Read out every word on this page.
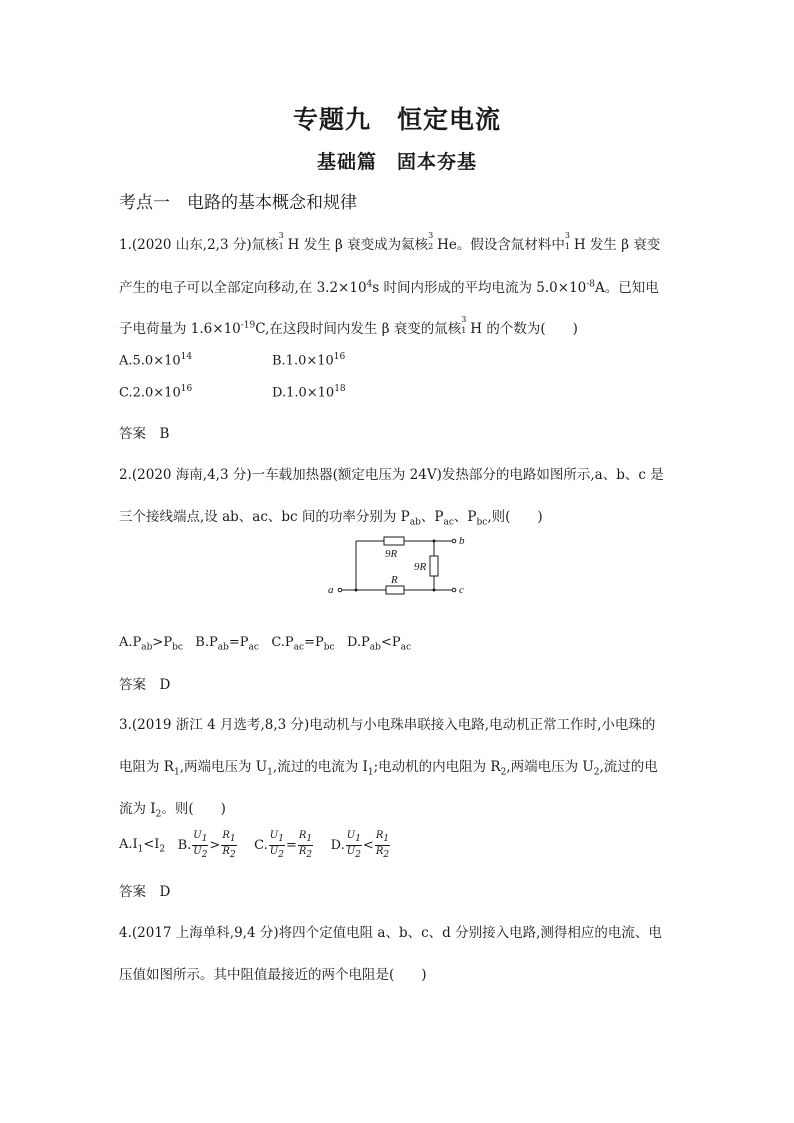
专题九　恒定电流
基础篇　固本夯基
考点一　电路的基本概念和规律
1.(2020 山东,2,3 分)氚核
3
1 H 发生 β 衰变成为氦核
3
2 He。假设含氚材料中
3
1 H 发生 β 衰变
产生的电子可以全部定向移动,在 $3.2\times 10^4s$ 时间内形成的平均电流为 $5.0\times 10^{-8}A$。已知电
子电荷量为 $1.6\times 10^{-19}C$,在这段时间内发生 β 衰变的氚核
3
1 H 的个数为(　　)
$A.5.0\times 10^{14}$	$B.1.0\times 10^{16}$
$C.2.0\times 10^{16}$	$D.1.0\times 10^{18}$
答案　B
2.(2020 海南,4,3 分)一车载加热器(额定电压为 24V)发热部分的电路如图所示,a、b、c 是
三个接线端点,设 ab、ac、bc 间的功率分别为 $P_{ab}$、$P_{ac}$、$P_{bc}$,则(　　)
a
b
c
9R
9R
R
$A.P_{ab}>P_{bc}$ $B.P_{ab}=P_{ac}$ $C.P_{ac}=P_{bc}$ $D.P_{ab}<P_{ac}$
答案　D
3.(2019 浙江 4 月选考,8,3 分)电动机与小电珠串联接入电路,电动机正常工作时,小电珠的
电阻为 $R_1$,两端电压为 $U_1$,流过的电流为 $I_1$;电动机的内电阻为 $R_2$,两端电压为 $U_2$,流过的电
流为 $I_2$。则(　　)
$A.I_1<I_2$ B. $\frac{U_1}{U_2} > \frac{R_1}{R_2} C$. $\frac{U_1}{U_2} = \frac{R_1}{R_2} D$. $\frac{U_1}{U_2} < \frac{R_1}{R_2}$
答案　D
4.(2017 上海单科,9,4 分)将四个定值电阻 a、b、c、d 分别接入电路,测得相应的电流、电
压值如图所示。其中阻值最接近的两个电阻是(　　)
